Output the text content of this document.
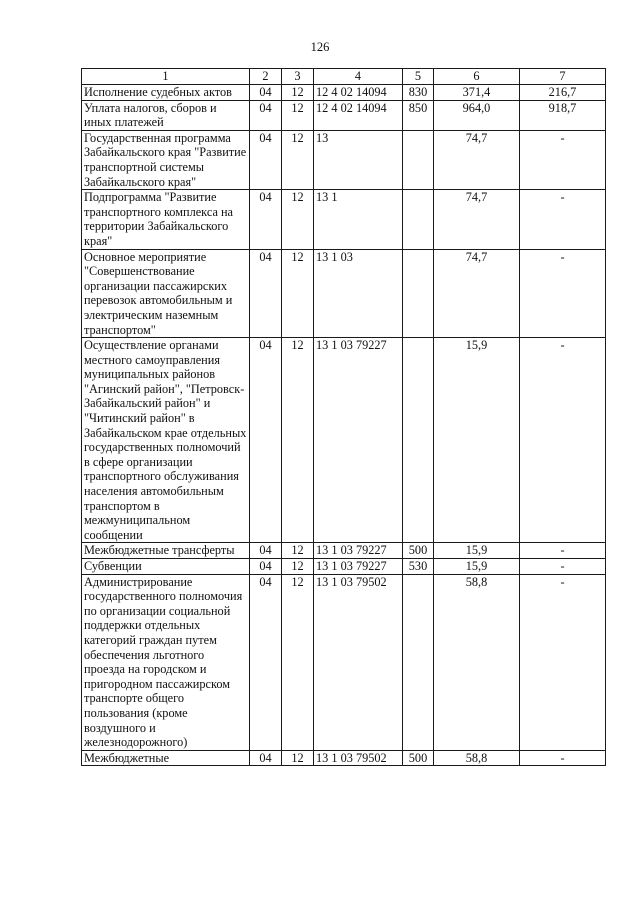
126
1	2	3	4	5	6	7
Исполнение судебных актов	04	12	12 4 02 14094	830	371,4	216,7
Уплата налогов, сборов и иных платежей	04	12	12 4 02 14094	850	964,0	918,7
Государственная программа Забайкальского края "Развитие транспортной системы Забайкальского края"	04	12	13		74,7	-
Подпрограмма "Развитие транспортного комплекса на территории Забайкальского края"	04	12	13 1		74,7	-
Основное мероприятие "Совершенствование организации пассажирских перевозок автомобильным и электрическим наземным транспортом"	04	12	13 1 03		74,7	-
Осуществление органами местного самоуправления муниципальных районов "Агинский район", "Петровск-Забайкальский район" и "Читинский район" в Забайкальском крае отдельных государственных полномочий в сфере организации транспортного обслуживания населения автомобильным транспортом в межмуниципальном сообщении	04	12	13 1 03 79227		15,9	-
Межбюджетные трансферты	04	12	13 1 03 79227	500	15,9	-
Субвенции	04	12	13 1 03 79227	530	15,9	-
Администрирование государственного полномочия по организации социальной поддержки отдельных категорий граждан путем обеспечения льготного проезда на городском и пригородном пассажирском транспорте общего пользования (кроме воздушного и железнодорожного)	04	12	13 1 03 79502		58,8	-
Межбюджетные	04	12	13 1 03 79502	500	58,8	-
